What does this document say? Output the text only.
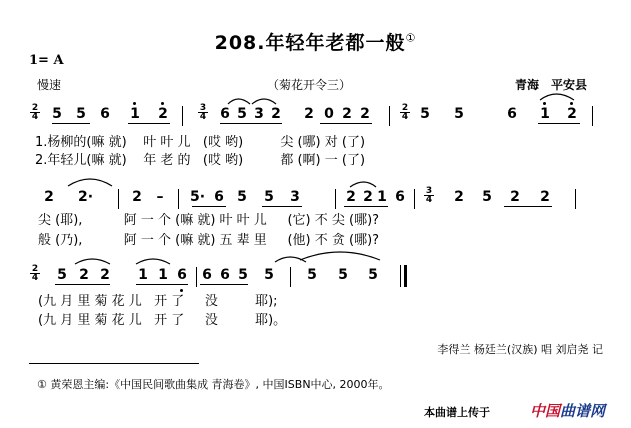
208.年轻年老都一般①
1= A
慢速	（菊花开令三）	青海　平安县
2
4 5 5 6 1 2	3
4 6 5 3 2 2 0 2 2	2
4 5 5	6 1 2
1.杨柳的(嘛 就)    叶 叶 儿   (哎 哟)         尖 (哪) 对 (了)
2.年轻儿(嘛 就)    年 老 的   (哎 哟)         都 (啊) 一 (了)
2 2·	2 – 5· 6 5 5 3	2 2 1 6 3
4 2 5 2 2
尖 (耶),          阿 一 个 (嘛 就) 叶 叶 儿     (它) 不 尖 (哪)?
般 (乃),          阿 一 个 (嘛 就) 五 辈 里     (他) 不 贪 (哪)?
2
4 5 2 2 1 1 6 6 6 5 5 5 5 5
(九 月 里 菊 花 儿   开 了     没         耶);
(九 月 里 菊 花 儿   开 了     没         耶)。
李得兰 杨廷兰(汉族) 唱 刘启尧 记
① 黄荣恩主编:《中国民间歌曲集成 青海卷》, 中国ISBN中心, 2000年。
本曲谱上传于	中国曲谱网
